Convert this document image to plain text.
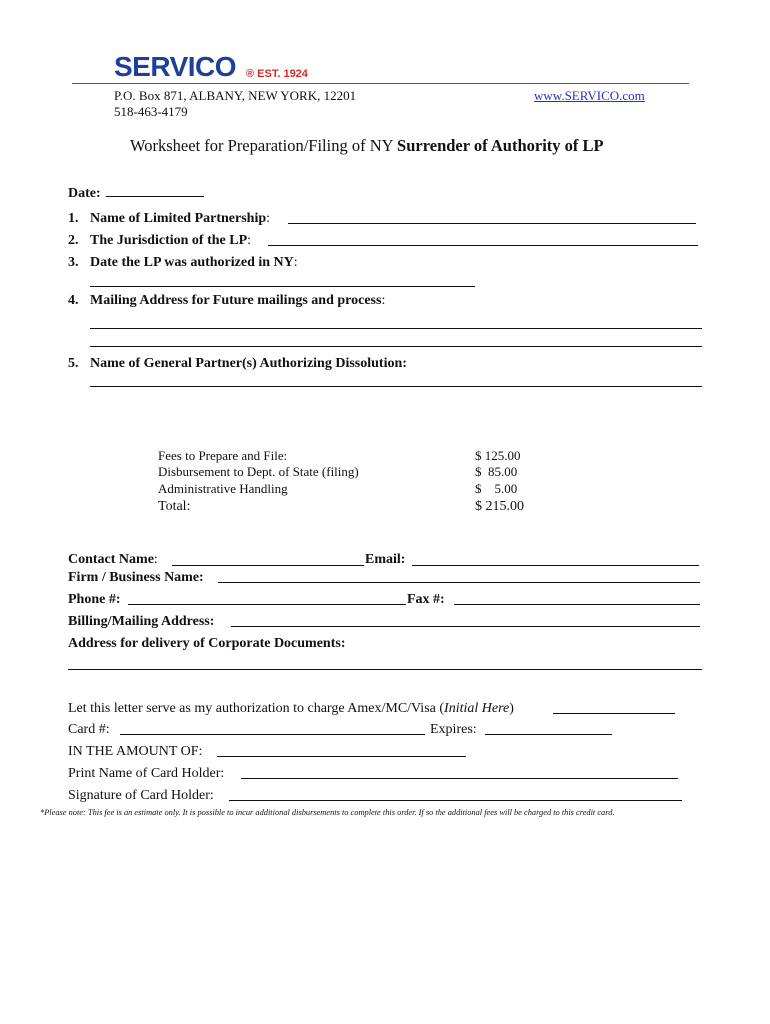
SERVICO ® EST. 1924
P.O. Box 871, ALBANY, NEW YORK, 12201
518-463-4179
www.SERVICO.com
Worksheet for Preparation/Filing of NY Surrender of Authority of LP
Date:
1. Name of Limited Partnership:
2. The Jurisdiction of the LP:
3. Date the LP was authorized in NY:
4. Mailing Address for Future mailings and process:
5. Name of General Partner(s) Authorizing Dissolution:
Fees to Prepare and File:	$ 125.00
Disbursement to Dept. of State (filing)	$  85.00
Administrative Handling	$    5.00
Total:	$ 215.00
Contact Name:	Email:
Firm / Business Name:
Phone #:	Fax #:
Billing/Mailing Address:
Address for delivery of Corporate Documents:
Let this letter serve as my authorization to charge Amex/MC/Visa (Initial Here)
Card #:	Expires:
IN THE AMOUNT OF:
Print Name of Card Holder:
Signature of Card Holder:
*Please note: This fee is an estimate only. It is possible to incur additional disbursements to complete this order. If so the additional fees will be charged to this credit card.
